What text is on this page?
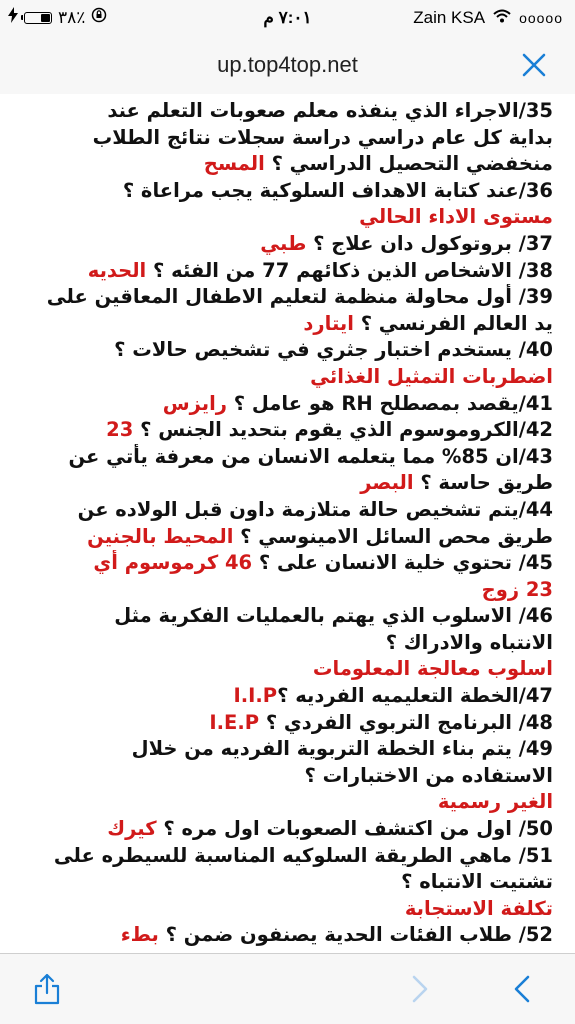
٣٨٪	٧:٠١ م	Zain KSA ooooo
up.top4top.net
35/الاجراء الذي ينفذه معلم صعوبات التعلم عند
بداية كل عام دراسي دراسة سجلات نتائج الطلاب
منخفضي التحصيل الدراسي ؟ المسح
36/عند كتابة الاهداف السلوكية يجب مراعاة ؟
مستوى الاداء الحالي
37/ بروتوكول دان علاج ؟ طبي
38/ الاشخاص الذين ذكائهم 77 من الفئه ؟ الحديه
39/ أول محاولة منظمة لتعليم الاطفال المعاقين على
يد العالم الفرنسي ؟ ايتارد
40/ يستخدم اختبار جثري في تشخيص حالات ؟
اضطربات التمثيل الغذائي
41/يقصد بمصطلح RH هو عامل ؟ رايزس
42/الكروموسوم الذي يقوم بتحديد الجنس ؟ 23
43/ان 85% مما يتعلمه الانسان من معرفة يأتي عن
طريق حاسة ؟ البصر
44/يتم تشخيص حالة متلازمة داون قبل الولاده عن
طريق محص السائل الامينوسي ؟ المحيط بالجنين
45/ تحتوي خلية الانسان على ؟ 46 كرموسوم أي
23 زوج
46/ الاسلوب الذي يهتم بالعمليات الفكرية مثل
الانتباه والادراك ؟
اسلوب معالجة المعلومات
47/الخطة التعليميه الفرديه ؟I.I.P
48/ البرنامج التربوي الفردي ؟ I.E.P
49/ يتم بناء الخطة التربوية الفرديه من خلال
الاستفاده من الاختبارات ؟
الغير رسمية
50/ اول من اكتشف الصعوبات اول مره ؟ كيرك
51/ ماهي الطريقة السلوكيه المناسبة للسيطره على
تشتيت الانتباه ؟
تكلفة الاستجابة
52/ طلاب الفئات الحدية يصنفون ضمن ؟ بطء
